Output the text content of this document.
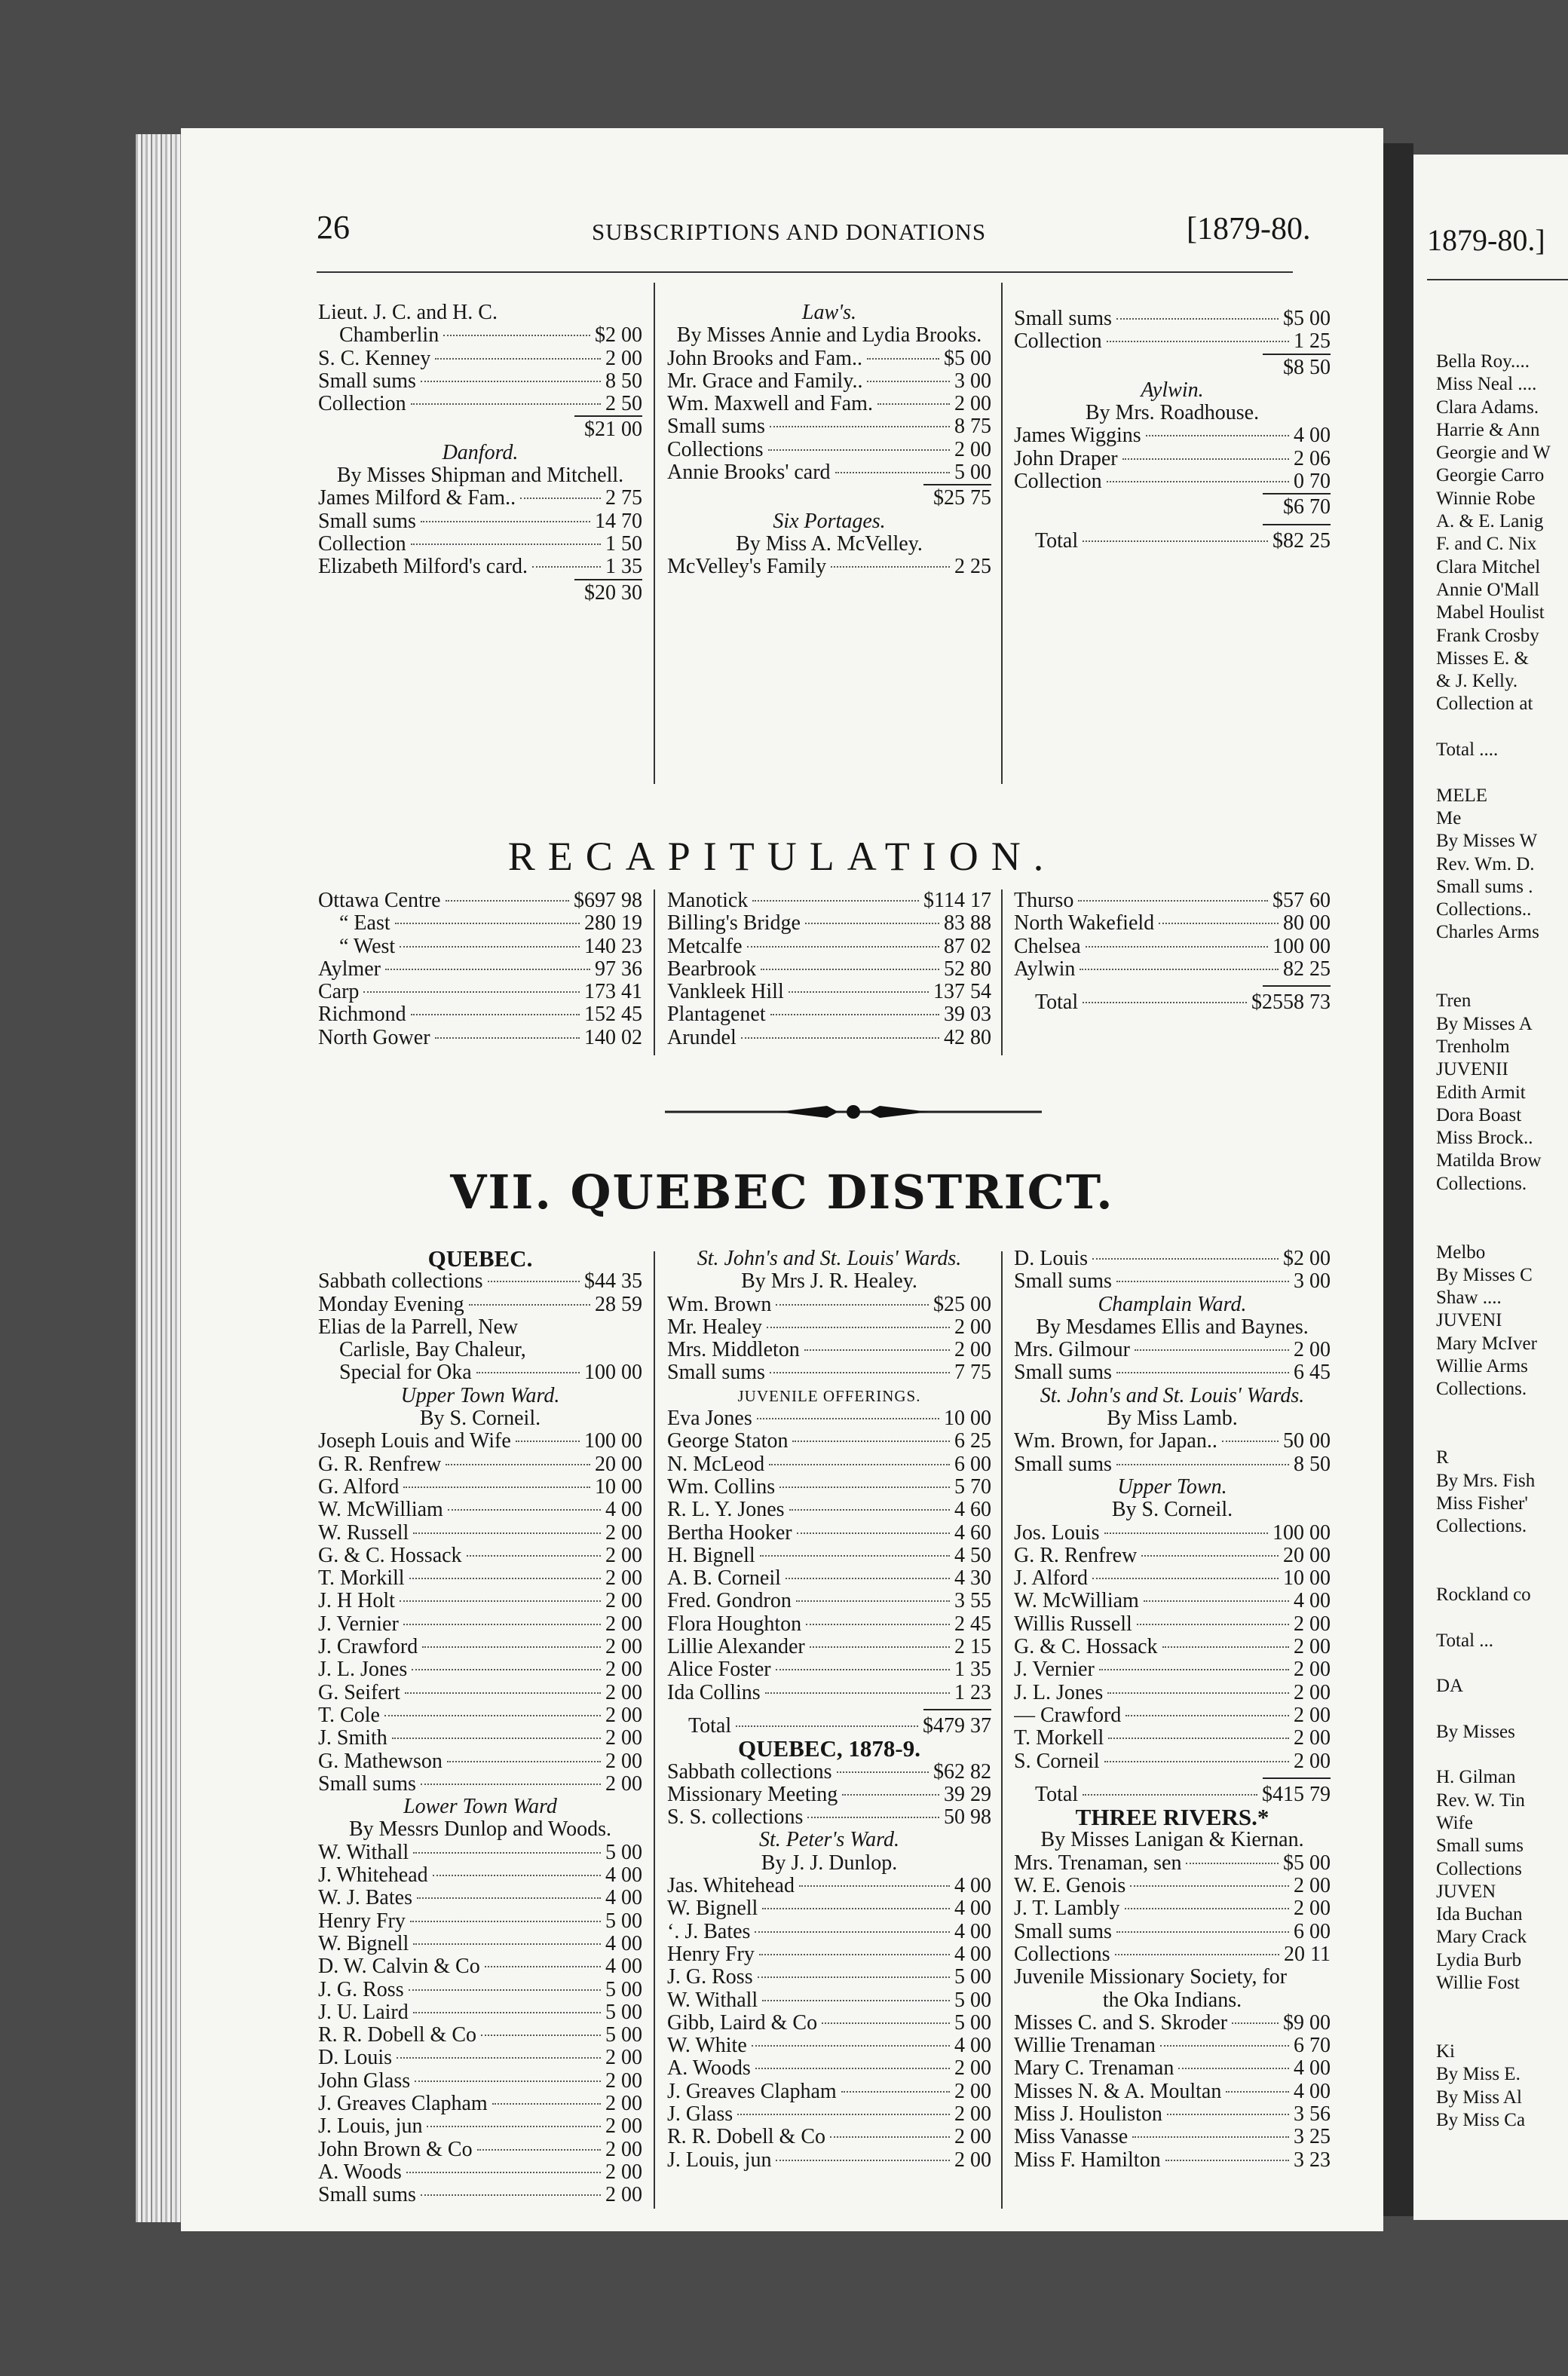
26	SUBSCRIPTIONS AND DONATIONS	[1879-80.
Lieut. J. C. and H. C.
Chamberlin	$2 00
S. C. Kenney	2 00
Small sums	8 50
Collection	2 50
$21 00
Danford.
By Misses Shipman and Mitchell.
James Milford & Fam..	2 75
Small sums	14 70
Collection	1 50
Elizabeth Milford's card.	1 35
$20 30
Law's.
By Misses Annie and Lydia Brooks.
John Brooks and Fam..	$5 00
Mr. Grace and Family..	3 00
Wm. Maxwell and Fam.	2 00
Small sums	8 75
Collections	2 00
Annie Brooks' card	5 00
$25 75
Six Portages.
By Miss A. McVelley.
McVelley's Family	2 25
Small sums	$5 00
Collection	1 25
$8 50
Aylwin.
By Mrs. Roadhouse.
James Wiggins	4 00
John Draper	2 06
Collection	0 70
$6 70
Total	$82 25
RECAPITULATION.
Ottawa Centre	$697 98
“ East	280 19
“ West	140 23
Aylmer	97 36
Carp	173 41
Richmond	152 45
North Gower	140 02
Manotick	$114 17
Billing's Bridge	83 88
Metcalfe	87 02
Bearbrook	52 80
Vankleek Hill	137 54
Plantagenet	39 03
Arundel	42 80
Thurso	$57 60
North Wakefield	80 00
Chelsea	100 00
Aylwin	82 25
Total	$2558 73
VII. QUEBEC DISTRICT.
QUEBEC.
Sabbath collections	$44 35
Monday Evening	28 59
Elias de la Parrell, New
Carlisle, Bay Chaleur,
Special for Oka	100 00
Upper Town Ward.
By S. Corneil.
Joseph Louis and Wife	100 00
G. R. Renfrew	20 00
G. Alford	10 00
W. McWilliam	4 00
W. Russell	2 00
G. & C. Hossack	2 00
T. Morkill	2 00
J. H Holt	2 00
J. Vernier	2 00
J. Crawford	2 00
J. L. Jones	2 00
G. Seifert	2 00
T. Cole	2 00
J. Smith	2 00
G. Mathewson	2 00
Small sums	2 00
Lower Town Ward
By Messrs Dunlop and Woods.
W. Withall	5 00
J. Whitehead	4 00
W. J. Bates	4 00
Henry Fry	5 00
W. Bignell	4 00
D. W. Calvin & Co	4 00
J. G. Ross	5 00
J. U. Laird	5 00
R. R. Dobell & Co	5 00
D. Louis	2 00
John Glass	2 00
J. Greaves Clapham	2 00
J. Louis, jun	2 00
John Brown & Co	2 00
A. Woods	2 00
Small sums	2 00
St. John's and St. Louis' Wards.
By Mrs J. R. Healey.
Wm. Brown	$25 00
Mr. Healey	2 00
Mrs. Middleton	2 00
Small sums	7 75
JUVENILE OFFERINGS.
Eva Jones	10 00
George Staton	6 25
N. McLeod	6 00
Wm. Collins	5 70
R. L. Y. Jones	4 60
Bertha Hooker	4 60
H. Bignell	4 50
A. B. Corneil	4 30
Fred. Gondron	3 55
Flora Houghton	2 45
Lillie Alexander	2 15
Alice Foster	1 35
Ida Collins	1 23
Total	$479 37
QUEBEC, 1878-9.
Sabbath collections	$62 82
Missionary Meeting	39 29
S. S. collections	50 98
St. Peter's Ward.
By J. J. Dunlop.
Jas. Whitehead	4 00
W. Bignell	4 00
‘. J. Bates	4 00
Henry Fry	4 00
J. G. Ross	5 00
W. Withall	5 00
Gibb, Laird & Co	5 00
W. White	4 00
A. Woods	2 00
J. Greaves Clapham	2 00
J. Glass	2 00
R. R. Dobell & Co	2 00
J. Louis, jun	2 00
D. Louis	$2 00
Small sums	3 00
Champlain Ward.
By Mesdames Ellis and Baynes.
Mrs. Gilmour	2 00
Small sums	6 45
St. John's and St. Louis' Wards.
By Miss Lamb.
Wm. Brown, for Japan..	50 00
Small sums	8 50
Upper Town.
By S. Corneil.
Jos. Louis	100 00
G. R. Renfrew	20 00
J. Alford	10 00
W. McWilliam	4 00
Willis Russell	2 00
G. & C. Hossack	2 00
J. Vernier	2 00
J. L. Jones	2 00
— Crawford	2 00
T. Morkell	2 00
S. Corneil	2 00
Total	$415 79
THREE RIVERS.*
By Misses Lanigan & Kiernan.
Mrs. Trenaman, sen	$5 00
W. E. Genois	2 00
J. T. Lambly	2 00
Small sums	6 00
Collections	20 11
Juvenile Missionary Society, for
the Oka Indians.
Misses C. and S. Skroder	$9 00
Willie Trenaman	6 70
Mary C. Trenaman	4 00
Misses N. & A. Moultan	4 00
Miss J. Houliston	3 56
Miss Vanasse	3 25
Miss F. Hamilton	3 23
1879-80.]
Bella Roy....
Miss Neal ....
Clara Adams.
Harrie & Ann
Georgie and W
Georgie Carro
Winnie Robe
A. & E. Lanig
F. and C. Nix
Clara Mitchel
Annie O'Mall
Mabel Houlist
Frank Crosby
Misses E. &
& J. Kelly.
Collection at
Total ....
MELE
Me
By Misses W
Rev. Wm. D.
Small sums .
Collections..
Charles Arms
Tren
By Misses A
Trenholm
JUVENII
Edith Armit
Dora Boast
Miss Brock..
Matilda Brow
Collections.
Melbo
By Misses C
Shaw ....
JUVENI
Mary McIver
Willie Arms
Collections.
R
By Mrs. Fish
Miss Fisher'
Collections.
Rockland co
Total ...
DA
By Misses
H. Gilman
Rev. W. Tin
Wife
Small sums
Collections
JUVEN
Ida Buchan
Mary Crack
Lydia Burb
Willie Fost
Ki
By Miss E.
By Miss Al
By Miss Ca
